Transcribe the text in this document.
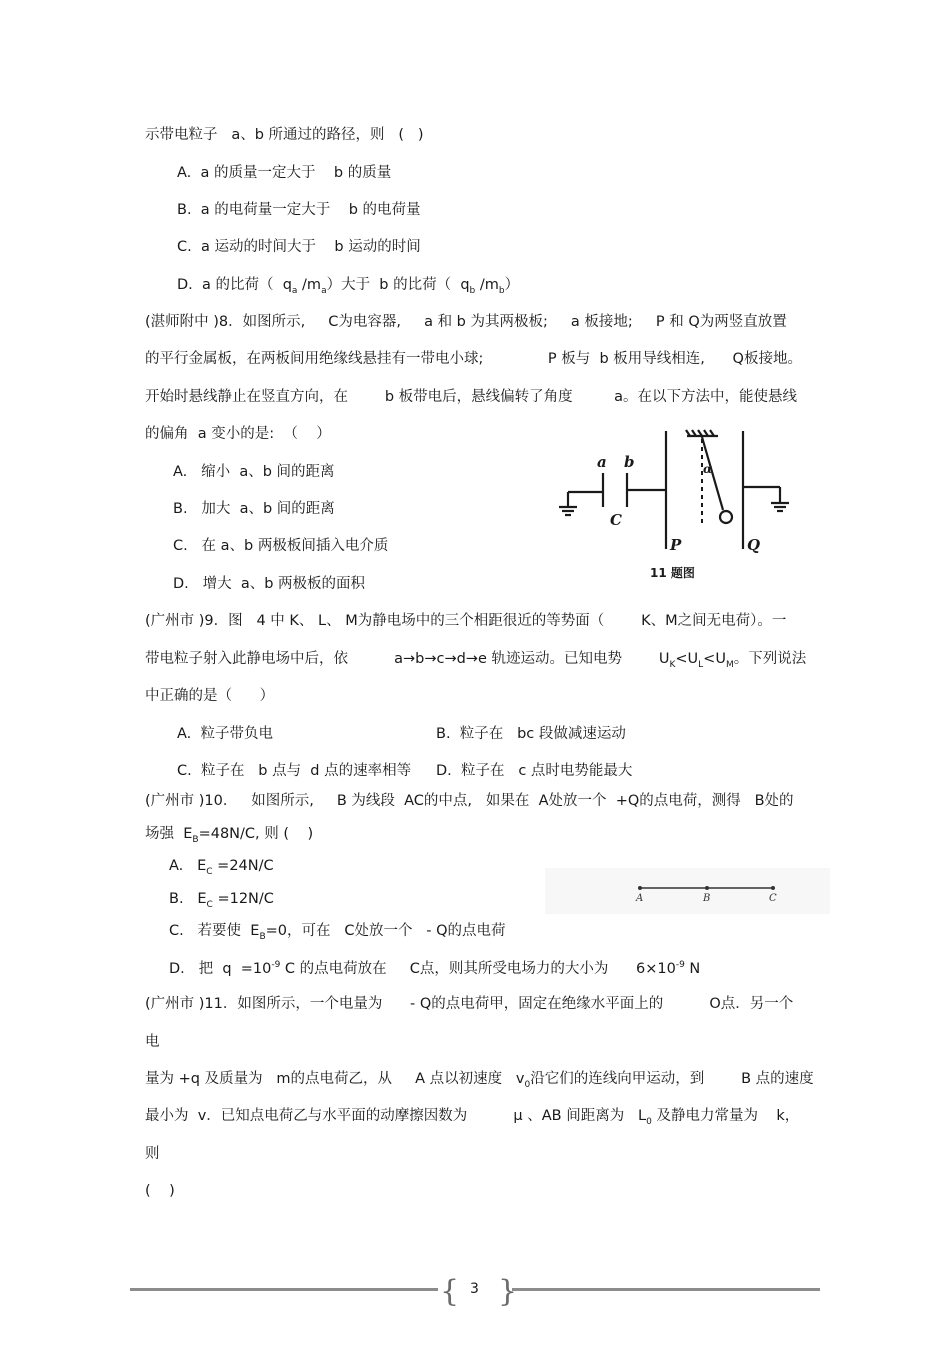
示带电粒子   a、b 所通过的路径，则   (   )
A.  a 的质量一定大于    b 的质量
B.  a 的电荷量一定大于    b 的电荷量
C.  a 运动的时间大于    b 运动的时间
D.  a 的比荷（  $q_a$ $/m_a$）大于  b 的比荷（  $q_b$ $/m_b$）
(湛师附中 )8．如图所示,     C为电容器,     a 和 b 为其两极板;     a 板接地;     P 和 Q为两竖直放置
的平行金属板，在两板间用绝缘线悬挂有一带电小球;              P 板与  b 板用导线相连,      Q板接地。
开始时悬线静止在竖直方向，在        b 板带电后，悬线偏转了角度         a。在以下方法中，能使悬线
的偏角  a 变小的是:  （    ）
A.   缩小  a、b 间的距离
B.   加大  a、b 间的距离
C.   在 a、b 两极板间插入电介质
D.   增大  a、b 两极板的面积
a b
C
P	Q
α
11 题图
(广州市 )9．图   4 中 K、 L、 M为静电场中的三个相距很近的等势面（        K、M之间无电荷）。一
带电粒子射入此静电场中后，依          a→b→c→d→e 轨迹运动。已知电势        $U_K<U_L<U_M$。下列说法
中正确的是（      ）
A.  粒子带负电	B.  粒子在   bc 段做减速运动
C.  粒子在   b 点与  d 点的速率相等 D.  粒子在   c 点时电势能最大
(广州市 )10．   如图所示,     B 为线段  AC的中点,   如果在  A处放一个  +Q的点电荷，测得   B处的
场强  $E_B=48N/C$, 则 (    )
A.   $E_C =24N/C$
B.   $E_C =12N/C$
C.   若要使  $E_B=0$，可在   C处放一个   - Q的点电荷
D.   把  $q =10^{-9}$ C 的点电荷放在     C点，则其所受电场力的大小为      $6\times 10^{-9}$ N
A	B	C
(广州市 )11．如图所示，一个电量为      - Q的点电荷甲，固定在绝缘水平面上的          O点．另一个
电
量为 +q 及质量为   m的点电荷乙，从     A 点以初速度   $v_0$沿它们的连线向甲运动，到        B 点的速度
最小为  v．已知点电荷乙与水平面的动摩擦因数为          μ 、AB 间距离为   $L_0$ 及静电力常量为    k，
则
(    )
{ }
3
